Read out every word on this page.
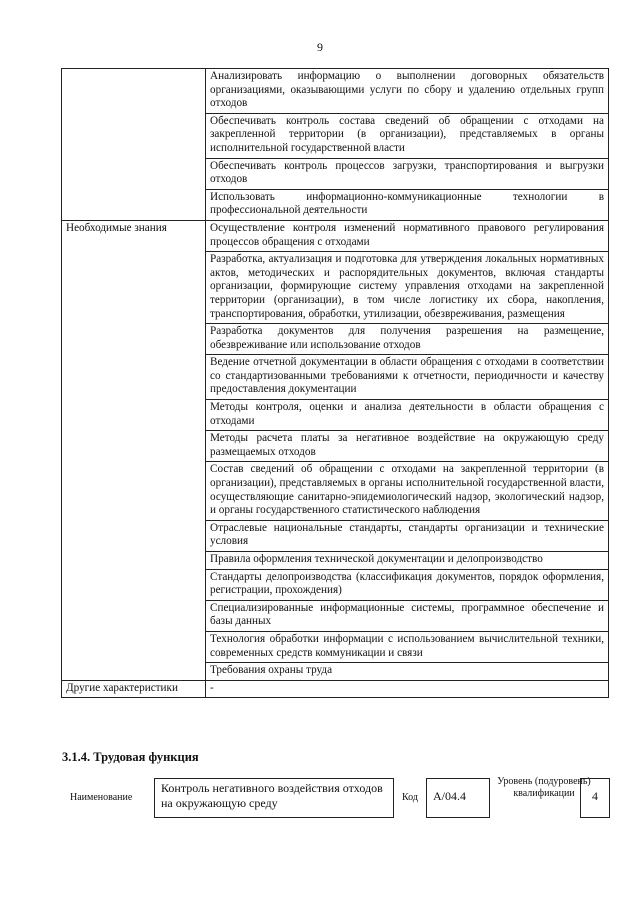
9
	Анализировать информацию о выполнении договорных обязательств организациями, оказывающими услуги по сбору и удалению отдельных групп отходов
	Обеспечивать контроль состава сведений об обращении с отходами на закрепленной территории (в организации), представляемых в органы исполнительной государственной власти
	Обеспечивать контроль процессов загрузки, транспортирования и выгрузки отходов
	Использовать информационно-коммуникационные технологии в профессиональной деятельности
Необходимые знания	Осуществление контроля изменений нормативного правового регулирования процессов обращения с отходами
	Разработка, актуализация и подготовка для утверждения локальных нормативных актов, методических и распорядительных документов, включая стандарты организации, формирующие систему управления отходами на закрепленной территории (организации), в том числе логистику их сбора, накопления, транспортирования, обработки, утилизации, обезвреживания, размещения
	Разработка документов для получения разрешения на размещение, обезвреживание или использование отходов
	Ведение отчетной документации в области обращения с отходами в соответствии со стандартизованными требованиями к отчетности, периодичности и качеству предоставления документации
	Методы контроля, оценки и анализа деятельности в области обращения с отходами
	Методы расчета платы за негативное воздействие на окружающую среду размещаемых отходов
	Состав сведений об обращении с отходами на закрепленной территории (в организации), представляемых в органы исполнительной государственной власти, осуществляющие санитарно-эпидемиологический надзор, экологический надзор, и органы государственного статистического наблюдения
	Отраслевые национальные стандарты, стандарты организации и технические условия
	Правила оформления технической документации и делопроизводство
	Стандарты делопроизводства (классификация документов, порядок оформления, регистрации, прохождения)
	Специализированные информационные системы, программное обеспечение и базы данных
	Технология обработки информации с использованием вычислительной техники, современных средств коммуникации и связи
	Требования охраны труда
Другие характеристики	-
3.1.4. Трудовая функция
Наименование
Контроль негативного воздействия отходов на окружающую среду	Код	А/04.4
Уровень (подуровень) квалификации	4
